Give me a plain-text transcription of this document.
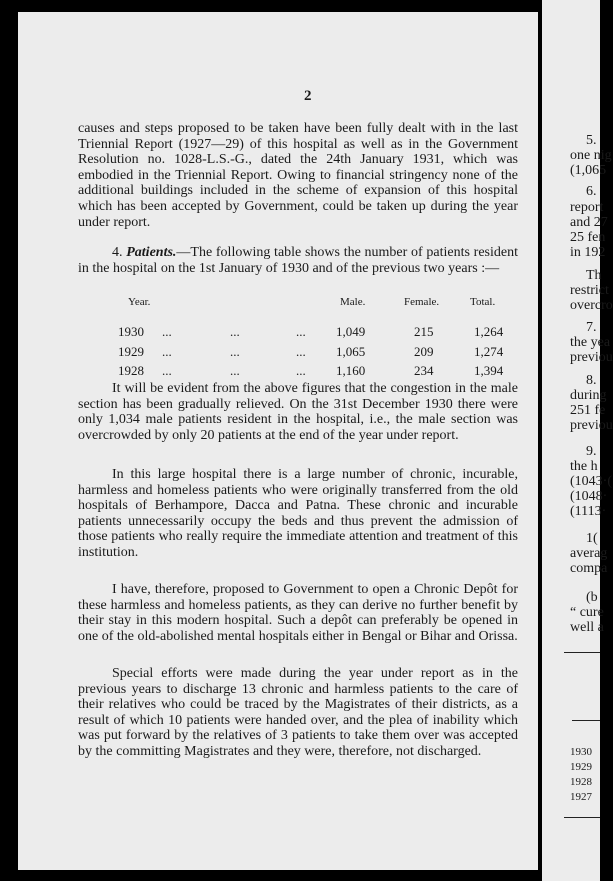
2

causes and steps proposed to be taken have been fully dealt with in the last Triennial Report (1927—29) of this hospital as well as in the Government Resolution no. 1028-L.S.-G., dated the 24th January 1931, which was embodied in the Triennial Report. Owing to financial stringency none of the additional buildings included in the scheme of expansion of this hospital which has been accepted by Government, could be taken up during the year under report.

4. Patients.—The following table shows the number of patients resident in the hospital on the 1st January of 1930 and of the previous two years :—

Year.	Male.	Female.	Total.
1930 ...	...	... 1,049	215	1,264
1929 ...	...	... 1,065	209	1,274
1928 ...	...	... 1,160	234	1,394

It will be evident from the above figures that the congestion in the male section has been gradually relieved. On the 31st December 1930 there were only 1,034 male patients resident in the hospital, i.e., the male section was overcrowded by only 20 patients at the end of the year under report.

In this large hospital there is a large number of chronic, incurable, harmless and homeless patients who were originally transferred from the old hospitals of Berhampore, Dacca and Patna. These chronic and incurable patients unnecessarily occupy the beds and thus prevent the admission of those patients who really require the immediate attention and treatment of this institution.

I have, therefore, proposed to Government to open a Chronic Depôt for these harmless and homeless patients, as they can derive no further benefit by their stay in this modern hospital. Such a depôt can preferably be opened in one of the old-abolished mental hospitals either in Bengal or Bihar and Orissa.

Special efforts were made during the year under report as in the previous years to discharge 13 chronic and harmless patients to the care of their relatives who could be traced by the Magistrates of their districts, as a result of which 10 patients were handed over, and the plea of inability which was put forward by the relatives of 3 patients to take them over was accepted by the committing Magistrates and they were, therefore, not discharged.

5.
one nig
(1,065
6.
report
and 27
25 fen
in 192
Th
restrict
overcro
7.
the yea
previou
8.
during
251 fe
previou
9.
the h
(1043·(
(1048·
(1113·
1(
averag
compa
(b
“ cure
well a
1930
1929
1928
1927
